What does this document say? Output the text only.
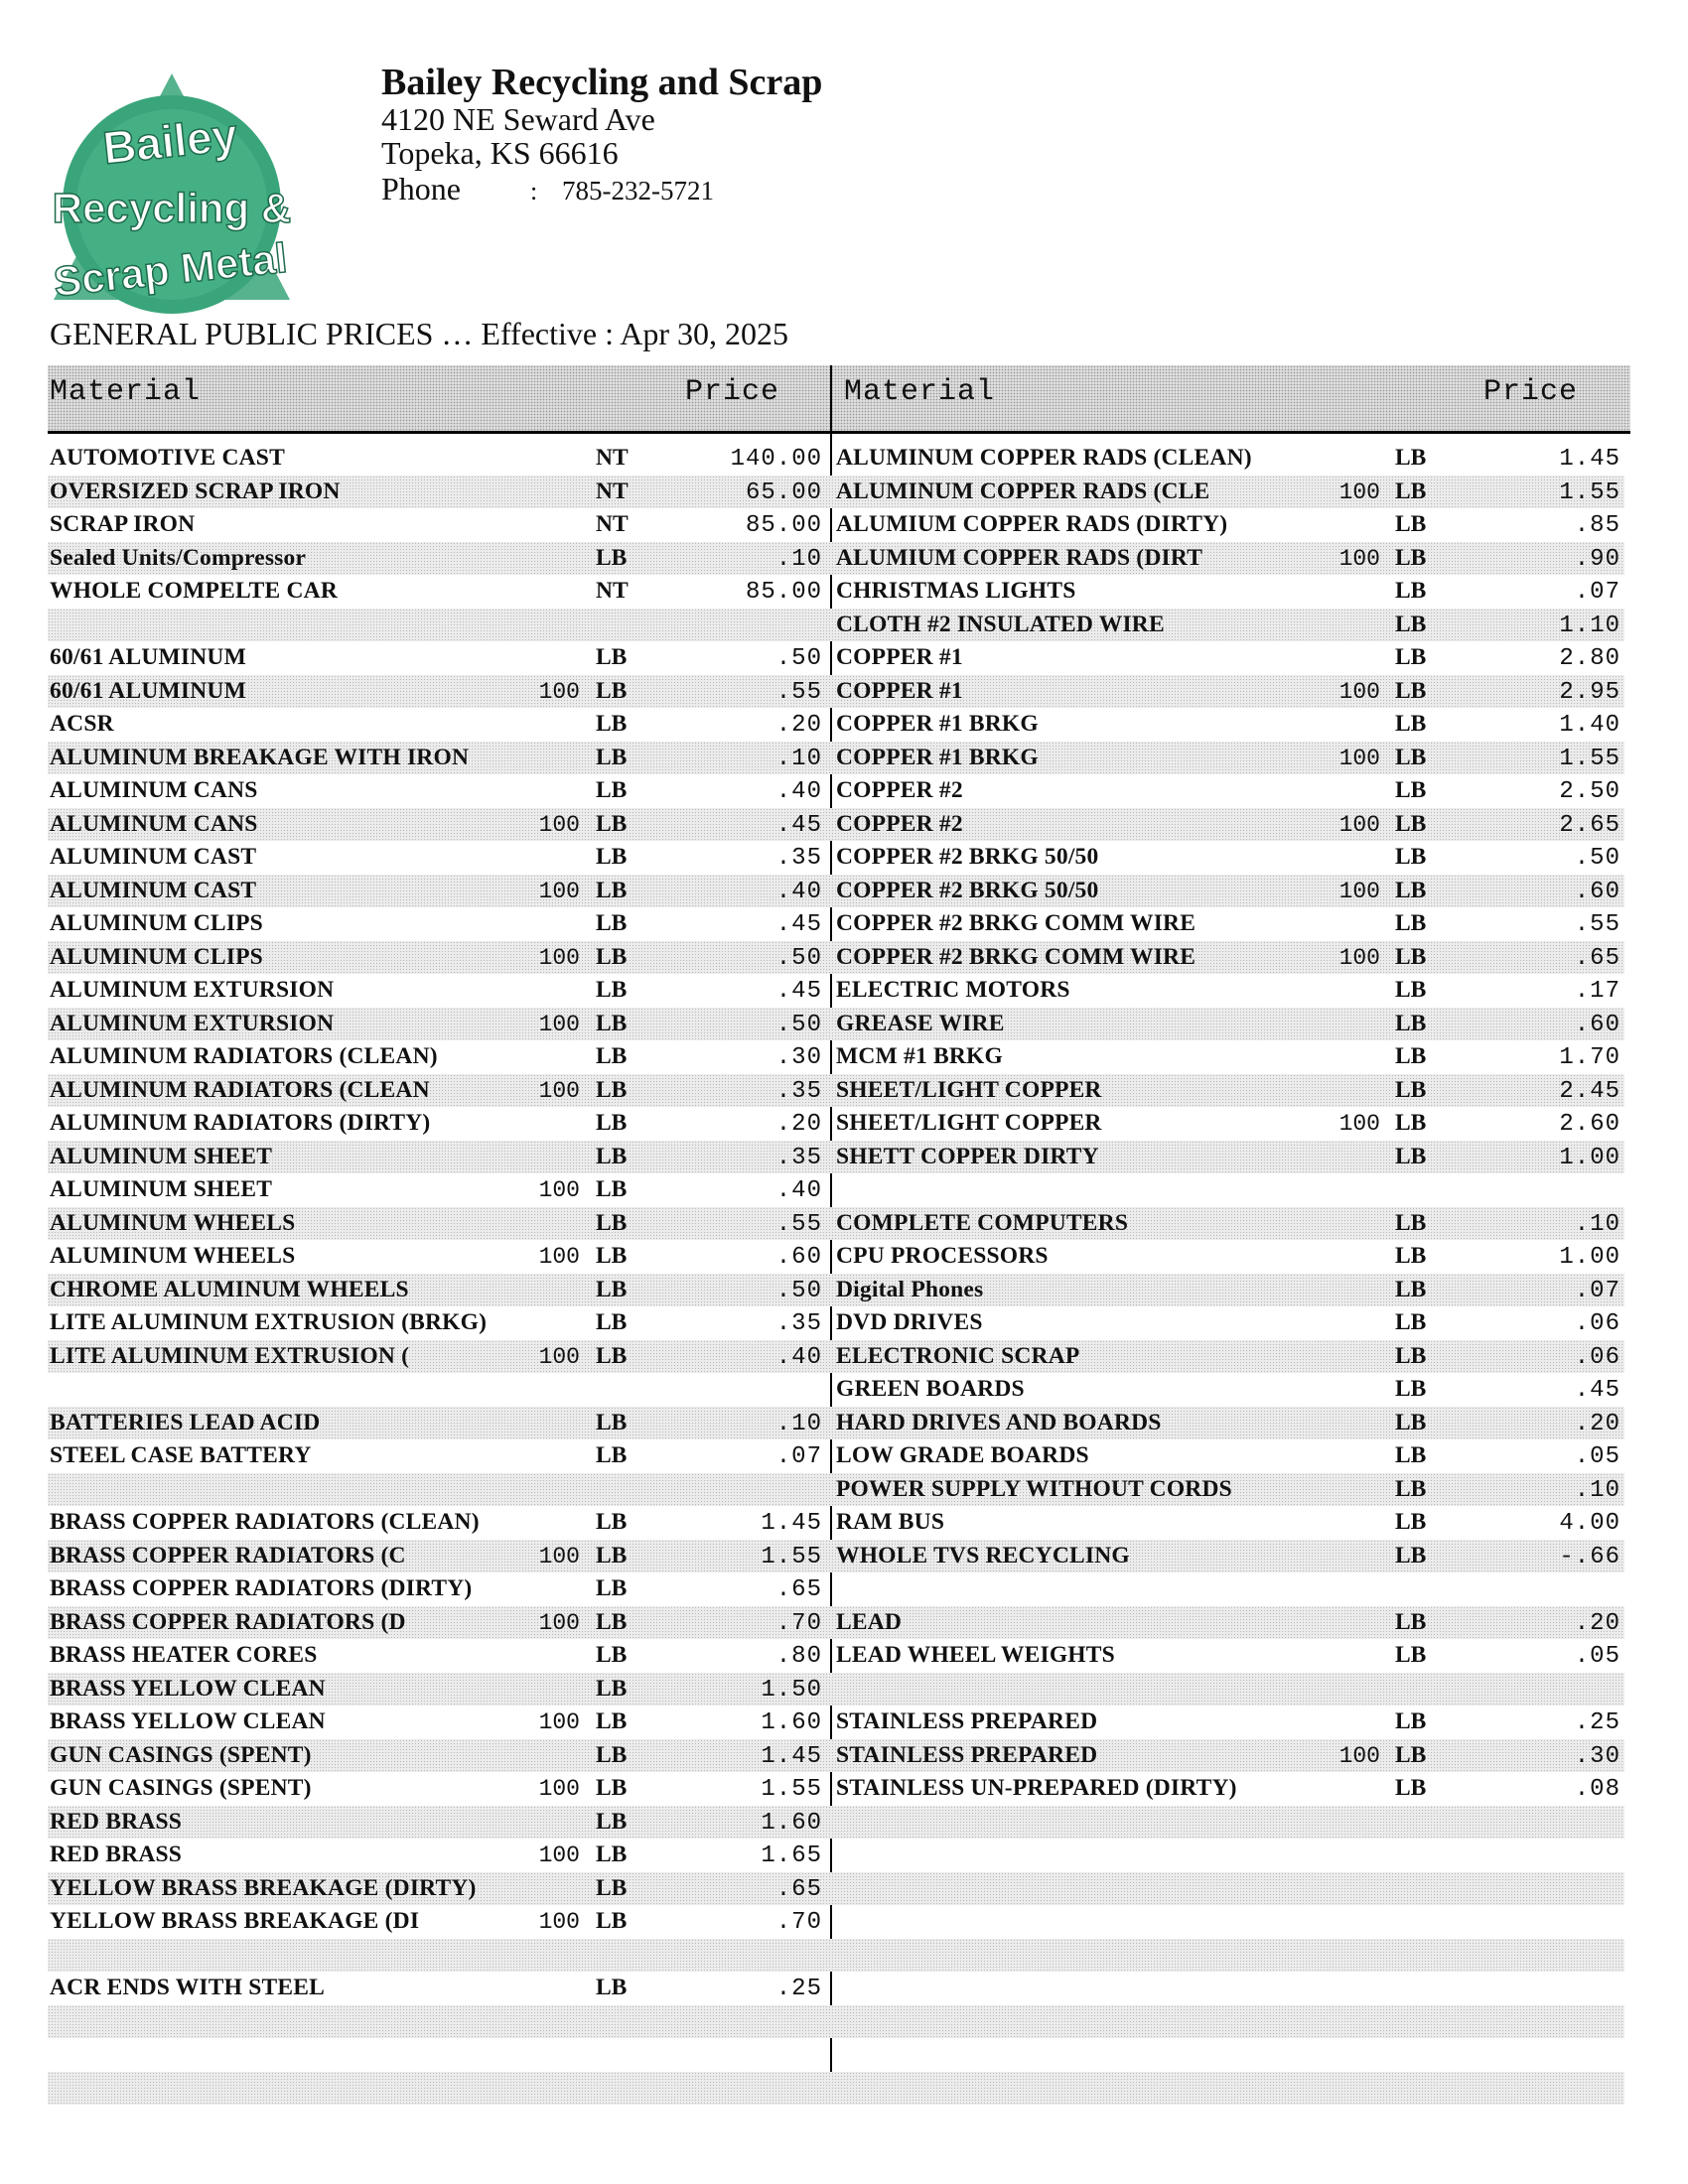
Bailey
Recycling &
Scrap Metal
Bailey Recycling and Scrap
4120 NE Seward Ave
Topeka, KS 66616
Phone	: 785-232-5721
GENERAL PUBLIC PRICES … Effective : Apr 30, 2025
Material	Price Material	Price
AUTOMOTIVE CAST	NT	140.00
OVERSIZED SCRAP IRON	NT	65.00
SCRAP IRON	NT	85.00
Sealed Units/Compressor	LB	.10
WHOLE COMPELTE CAR	NT	85.00
60/61 ALUMINUM	LB	.50
60/61 ALUMINUM	100 LB	.55
ACSR	LB	.20
ALUMINUM BREAKAGE WITH IRON	LB	.10
ALUMINUM CANS	LB	.40
ALUMINUM CANS	100 LB	.45
ALUMINUM CAST	LB	.35
ALUMINUM CAST	100 LB	.40
ALUMINUM CLIPS	LB	.45
ALUMINUM CLIPS	100 LB	.50
ALUMINUM EXTURSION	LB	.45
ALUMINUM EXTURSION	100 LB	.50
ALUMINUM RADIATORS (CLEAN)	LB	.30
ALUMINUM RADIATORS (CLEAN	100 LB	.35
ALUMINUM RADIATORS (DIRTY)	LB	.20
ALUMINUM SHEET	LB	.35
ALUMINUM SHEET	100 LB	.40
ALUMINUM WHEELS	LB	.55
ALUMINUM WHEELS	100 LB	.60
CHROME ALUMINUM WHEELS	LB	.50
LITE ALUMINUM EXTRUSION (BRKG)	LB	.35
LITE ALUMINUM EXTRUSION (	100 LB	.40
BATTERIES LEAD ACID	LB	.10
STEEL CASE BATTERY	LB	.07
BRASS COPPER RADIATORS (CLEAN)	LB	1.45
BRASS COPPER RADIATORS (C	100 LB	1.55
BRASS COPPER RADIATORS (DIRTY)	LB	.65
BRASS COPPER RADIATORS (D	100 LB	.70
BRASS HEATER CORES	LB	.80
BRASS YELLOW CLEAN	LB	1.50
BRASS YELLOW CLEAN	100 LB	1.60
GUN CASINGS (SPENT)	LB	1.45
GUN CASINGS (SPENT)	100 LB	1.55
RED BRASS	LB	1.60
RED BRASS	100 LB	1.65
YELLOW BRASS BREAKAGE (DIRTY)	LB	.65
YELLOW BRASS BREAKAGE (DI	100 LB	.70
ACR ENDS WITH STEEL	LB	.25
ALUMINUM COPPER RADS (CLEAN)	LB	1.45
ALUMINUM COPPER RADS (CLE	100 LB	1.55
ALUMIUM COPPER RADS (DIRTY)	LB	.85
ALUMIUM COPPER RADS (DIRT	100 LB	.90
CHRISTMAS LIGHTS	LB	.07
CLOTH #2 INSULATED WIRE	LB	1.10
COPPER #1	LB	2.80
COPPER #1	100 LB	2.95
COPPER #1 BRKG	LB	1.40
COPPER #1 BRKG	100 LB	1.55
COPPER #2	LB	2.50
COPPER #2	100 LB	2.65
COPPER #2 BRKG 50/50	LB	.50
COPPER #2 BRKG 50/50	100 LB	.60
COPPER #2 BRKG COMM WIRE	LB	.55
COPPER #2 BRKG COMM WIRE	100 LB	.65
ELECTRIC MOTORS	LB	.17
GREASE WIRE	LB	.60
MCM #1 BRKG	LB	1.70
SHEET/LIGHT COPPER	LB	2.45
SHEET/LIGHT COPPER	100 LB	2.60
SHETT COPPER DIRTY	LB	1.00
COMPLETE COMPUTERS	LB	.10
CPU PROCESSORS	LB	1.00
Digital Phones	LB	.07
DVD DRIVES	LB	.06
ELECTRONIC SCRAP	LB	.06
GREEN BOARDS	LB	.45
HARD DRIVES AND BOARDS	LB	.20
LOW GRADE BOARDS	LB	.05
POWER SUPPLY WITHOUT CORDS	LB	.10
RAM BUS	LB	4.00
WHOLE TVS RECYCLING	LB	-.66
LEAD	LB	.20
LEAD WHEEL WEIGHTS	LB	.05
STAINLESS PREPARED	LB	.25
STAINLESS PREPARED	100 LB	.30
STAINLESS UN-PREPARED (DIRTY)	LB	.08
